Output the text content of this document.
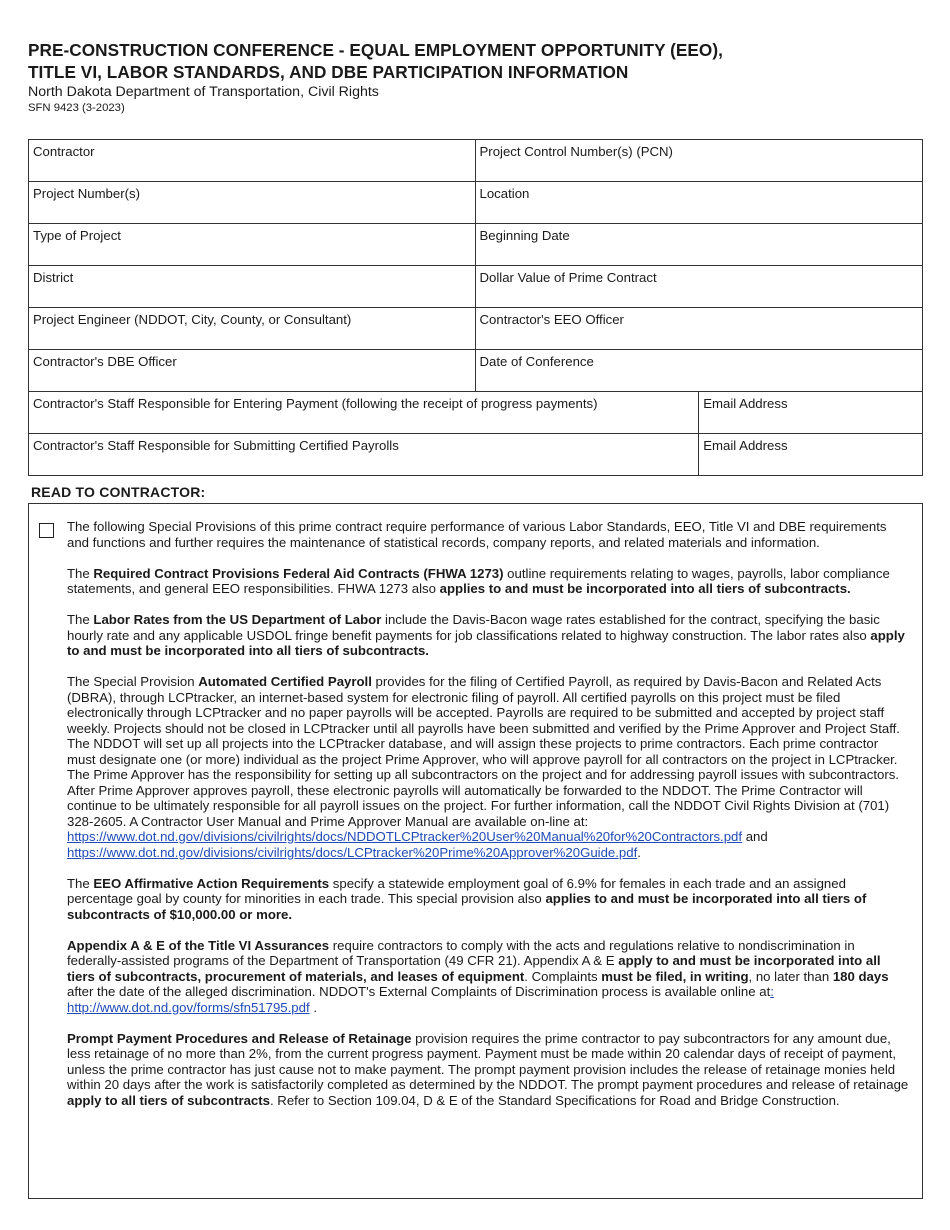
PRE-CONSTRUCTION CONFERENCE - EQUAL EMPLOYMENT OPPORTUNITY (EEO),
TITLE VI, LABOR STANDARDS, AND DBE PARTICIPATION INFORMATION
North Dakota Department of Transportation, Civil Rights
SFN 9423 (3-2023)
Contractor	Project Control Number(s) (PCN)
Project Number(s)	Location
Type of Project	Beginning Date
District	Dollar Value of Prime Contract
Project Engineer (NDDOT, City, County, or Consultant)	Contractor's EEO Officer
Contractor's DBE Officer	Date of Conference
Contractor's Staff Responsible for Entering Payment (following the receipt of progress payments)	Email Address
Contractor's Staff Responsible for Submitting Certified Payrolls	Email Address
READ TO CONTRACTOR:

The following Special Provisions of this prime contract require performance of various Labor Standards, EEO, Title VI and DBE requirements and functions and further requires the maintenance of statistical records, company reports, and related materials and information.

The Required Contract Provisions Federal Aid Contracts (FHWA 1273) outline requirements relating to wages, payrolls, labor compliance statements, and general EEO responsibilities. FHWA 1273 also applies to and must be incorporated into all tiers of subcontracts.

The Labor Rates from the US Department of Labor include the Davis-Bacon wage rates established for the contract, specifying the basic hourly rate and any applicable USDOL fringe benefit payments for job classifications related to highway construction. The labor rates also apply to and must be incorporated into all tiers of subcontracts.

The Special Provision Automated Certified Payroll provides for the filing of Certified Payroll, as required by Davis-Bacon and Related Acts (DBRA), through LCPtracker, an internet-based system for electronic filing of payroll. All certified payrolls on this project must be filed electronically through LCPtracker and no paper payrolls will be accepted. Payrolls are required to be submitted and accepted by project staff weekly. Projects should not be closed in LCPtracker until all payrolls have been submitted and verified by the Prime Approver and Project Staff. The NDDOT will set up all projects into the LCPtracker database, and will assign these projects to prime contractors. Each prime contractor must designate one (or more) individual as the project Prime Approver, who will approve payroll for all contractors on the project in LCPtracker. The Prime Approver has the responsibility for setting up all subcontractors on the project and for addressing payroll issues with subcontractors. After Prime Approver approves payroll, these electronic payrolls will automatically be forwarded to the NDDOT. The Prime Contractor will continue to be ultimately responsible for all payroll issues on the project. For further information, call the NDDOT Civil Rights Division at (701) 328-2605. A Contractor User Manual and Prime Approver Manual are available on-line at: https://www.dot.nd.gov/divisions/civilrights/docs/NDDOTLCPtracker%20User%20Manual%20for%20Contractors.pdf and https://www.dot.nd.gov/divisions/civilrights/docs/LCPtracker%20Prime%20Approver%20Guide.pdf.

The EEO Affirmative Action Requirements specify a statewide employment goal of 6.9% for females in each trade and an assigned percentage goal by county for minorities in each trade. This special provision also applies to and must be incorporated into all tiers of subcontracts of $10,000.00 or more.

Appendix A & E of the Title VI Assurances require contractors to comply with the acts and regulations relative to nondiscrimination in federally-assisted programs of the Department of Transportation (49 CFR 21). Appendix A & E apply to and must be incorporated into all tiers of subcontracts, procurement of materials, and leases of equipment. Complaints must be filed, in writing, no later than 180 days after the date of the alleged discrimination. NDDOT's External Complaints of Discrimination process is available online at: http://www.dot.nd.gov/forms/sfn51795.pdf .

Prompt Payment Procedures and Release of Retainage provision requires the prime contractor to pay subcontractors for any amount due, less retainage of no more than 2%, from the current progress payment. Payment must be made within 20 calendar days of receipt of payment, unless the prime contractor has just cause not to make payment. The prompt payment provision includes the release of retainage monies held within 20 days after the work is satisfactorily completed as determined by the NDDOT. The prompt payment procedures and release of retainage apply to all tiers of subcontracts. Refer to Section 109.04, D & E of the Standard Specifications for Road and Bridge Construction.
